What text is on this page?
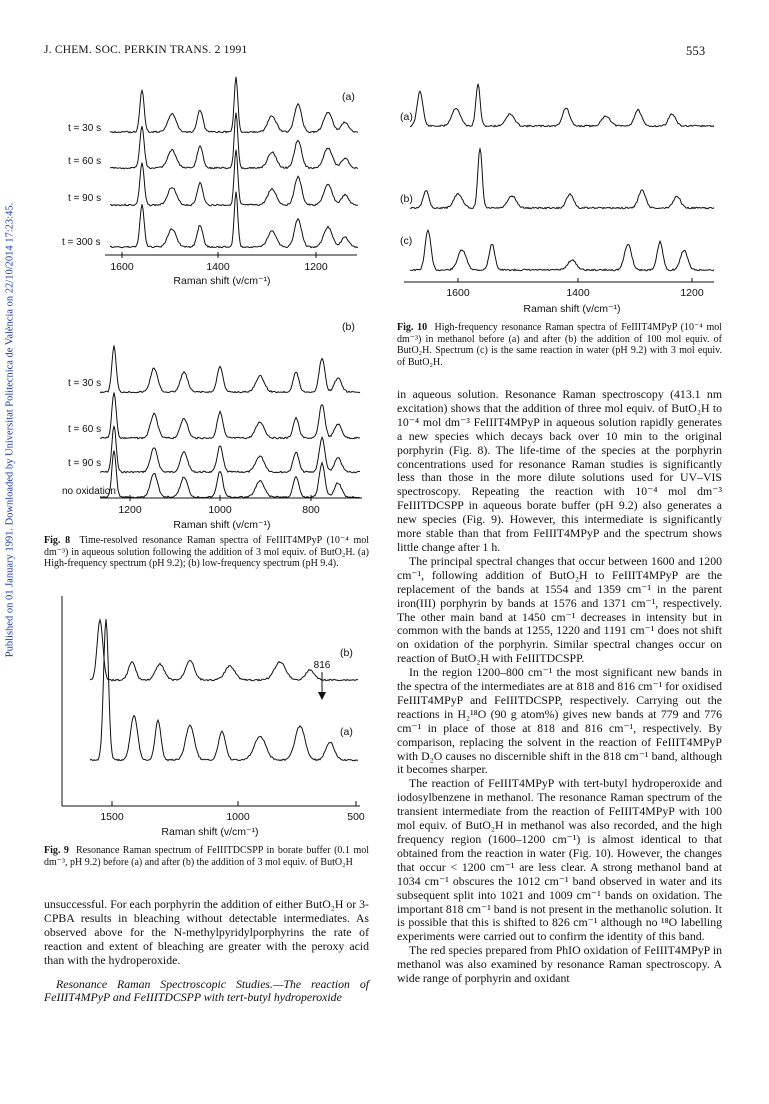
Published on 01 January 1991. Downloaded by Universitat Politecnica de València on 22/10/2014 17:23:45.
J. CHEM. SOC. PERKIN TRANS. 2 1991	553
1600	1400	1200
Raman shift (v/cm⁻¹)
(a)
t = 30 s
t = 60 s
t = 90 s
t = 300 s
1200	1000	800
Raman shift (v/cm⁻¹)
(b)
t = 30 s
t = 60 s
t = 90 s
no oxidation
Fig. 8 Time-resolved resonance Raman spectra of FeIIIT4MPyP (10⁻⁴ mol dm⁻³) in aqueous solution following the addition of 3 mol equiv. of ButO₂H. (a) High-frequency spectrum (pH 9.2); (b) low-frequency spectrum (pH 9.4).
1500	1000	500
Raman shift (v/cm⁻¹)
(b)
(a)
816
Fig. 9 Resonance Raman spectrum of FeIIITDCSPP in borate buffer (0.1 mol dm⁻³, pH 9.2) before (a) and after (b) the addition of 3 mol equiv. of ButO₂H

unsuccessful. For each porphyrin the addition of either ButO₂H or 3-CPBA results in bleaching without detectable intermediates. As observed above for the N-methylpyridylporphyrins the rate of reaction and extent of bleaching are greater with the peroxy acid than with the hydroperoxide.

Resonance Raman Spectroscopic Studies.—The reaction of FeIIIT4MPyP and FeIIITDCSPP with tert-butyl hydroperoxide

1600	1400	1200
Raman shift (v/cm⁻¹)
(a)
(b)
(c)
Fig. 10 High-frequency resonance Raman spectra of FeIIIT4MPyP (10⁻⁴ mol dm⁻³) in methanol before (a) and after (b) the addition of 100 mol equiv. of ButO₂H. Spectrum (c) is the same reaction in water (pH 9.2) with 3 mol equiv. of ButO₂H.

in aqueous solution. Resonance Raman spectroscopy (413.1 nm excitation) shows that the addition of three mol equiv. of ButO₂H to 10⁻⁴ mol dm⁻³ FeIIIT4MPyP in aqueous solution rapidly generates a new species which decays back over 10 min to the original porphyrin (Fig. 8). The life-time of the species at the porphyrin concentrations used for resonance Raman studies is significantly less than those in the more dilute solutions used for UV–VIS spectroscopy. Repeating the reaction with 10⁻⁴ mol dm⁻³ FeIIITDCSPP in aqueous borate buffer (pH 9.2) also generates a new species (Fig. 9). However, this intermediate is significantly more stable than that from FeIIIT4MPyP and the spectrum shows little change after 1 h.

The principal spectral changes that occur between 1600 and 1200 cm⁻¹, following addition of ButO₂H to FeIIIT4MPyP are the replacement of the bands at 1554 and 1359 cm⁻¹ in the parent iron(III) porphyrin by bands at 1576 and 1371 cm⁻¹, respectively. The other main band at 1450 cm⁻¹ decreases in intensity but in common with the bands at 1255, 1220 and 1191 cm⁻¹ does not shift on oxidation of the porphyrin. Similar spectral changes occur on reaction of ButO₂H with FeIIITDCSPP.

In the region 1200–800 cm⁻¹ the most significant new bands in the spectra of the intermediates are at 818 and 816 cm⁻¹ for oxidised FeIIIT4MPyP and FeIIITDCSPP, respectively. Carrying out the reactions in H₂¹⁸O (90 g atom%) gives new bands at 779 and 776 cm⁻¹ in place of those at 818 and 816 cm⁻¹, respectively. By comparison, replacing the solvent in the reaction of FeIIIT4MPyP with D₂O causes no discernible shift in the 818 cm⁻¹ band, although it becomes sharper.

The reaction of FeIIIT4MPyP with tert-butyl hydroperoxide and iodosylbenzene in methanol. The resonance Raman spectrum of the transient intermediate from the reaction of FeIIIT4MPyP with 100 mol equiv. of ButO₂H in methanol was also recorded, and the high frequency region (1600–1200 cm⁻¹) is almost identical to that obtained from the reaction in water (Fig. 10). However, the changes that occur < 1200 cm⁻¹ are less clear. A strong methanol band at 1034 cm⁻¹ obscures the 1012 cm⁻¹ band observed in water and its subsequent split into 1021 and 1009 cm⁻¹ bands on oxidation. The important 818 cm⁻¹ band is not present in the methanolic solution. It is possible that this is shifted to 826 cm⁻¹ although no ¹⁸O labelling experiments were carried out to confirm the identity of this band.

The red species prepared from PhIO oxidation of FeIIIT4MPyP in methanol was also examined by resonance Raman spectroscopy. A wide range of porphyrin and oxidant
